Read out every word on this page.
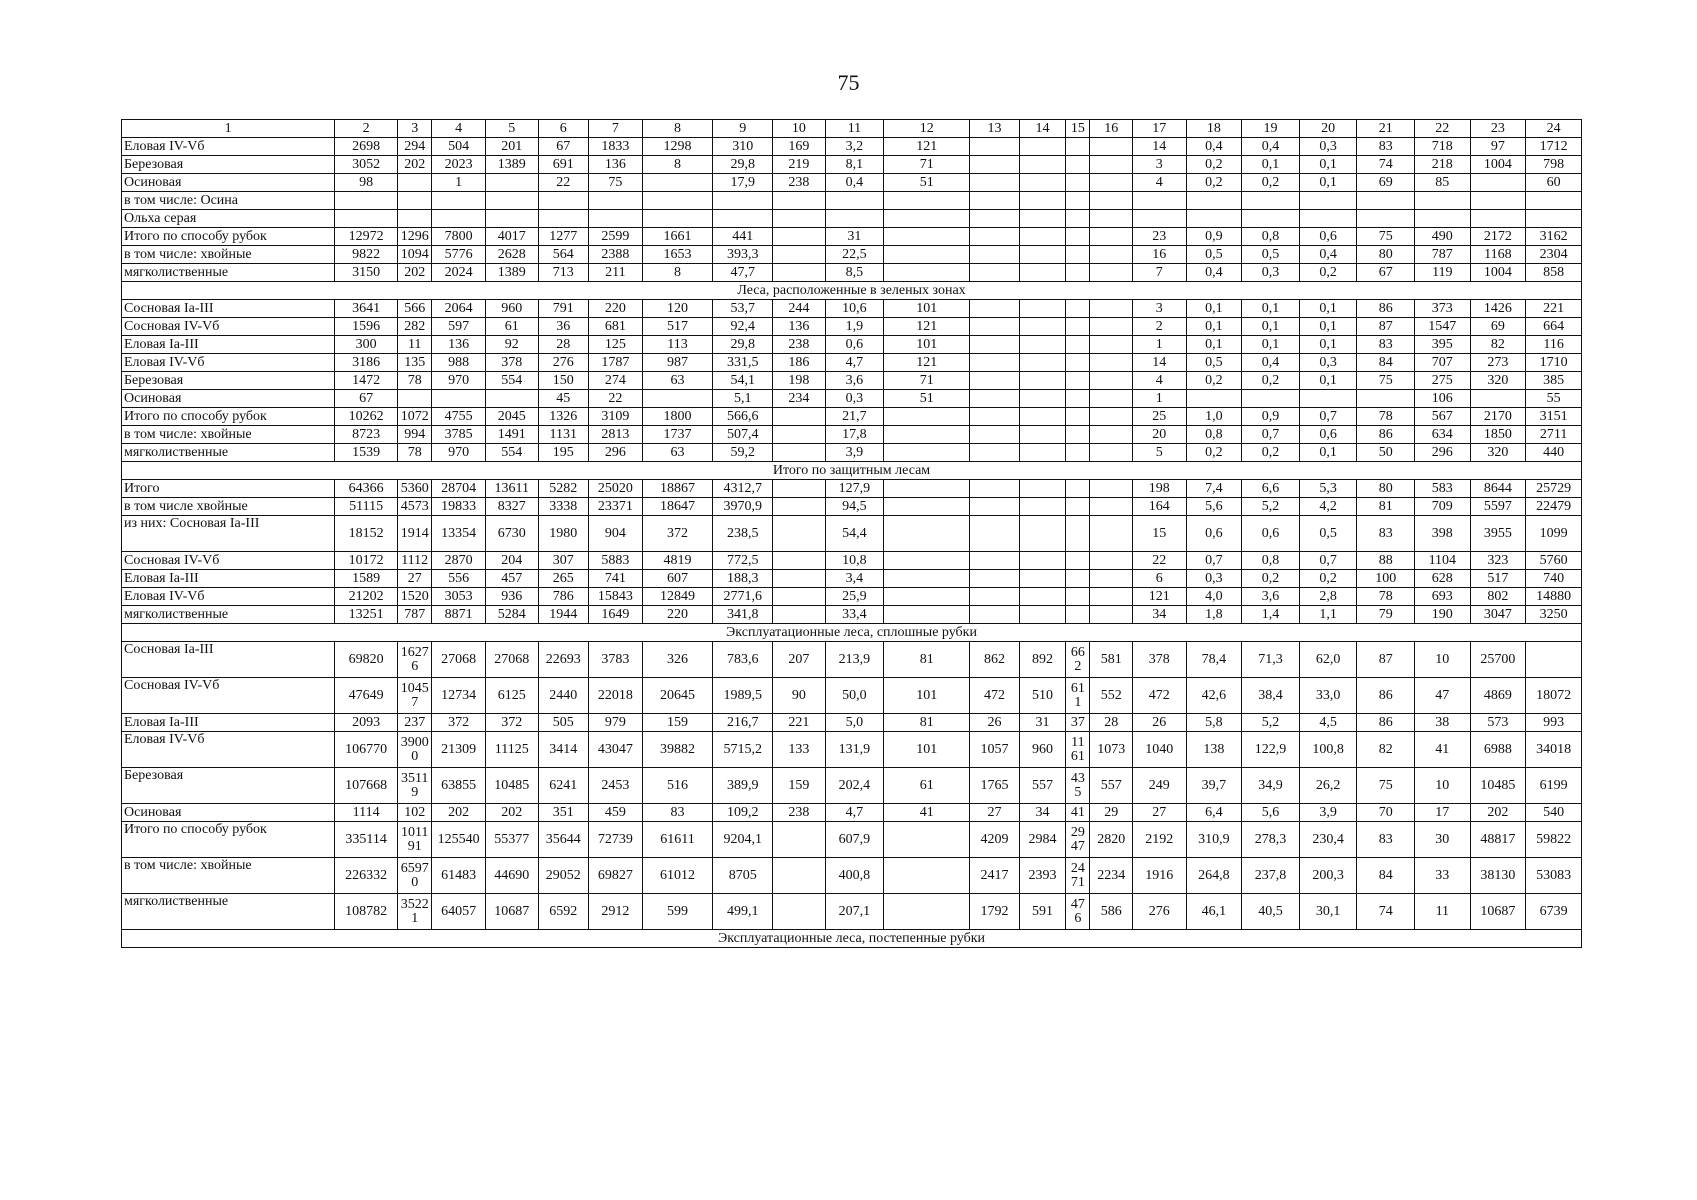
75
1	2	3	4	5	6	7	8	9	10	11	12	13	14	15	16	17	18	19	20	21	22	23	24
Еловая IV-Vб	2698	294	504	201	67	1833	1298	310	169	3,2	121					14	0,4	0,4	0,3	83	718	97	1712
Березовая	3052	202	2023	1389	691	136	8	29,8	219	8,1	71					3	0,2	0,1	0,1	74	218	1004	798
Осиновая	98		1		22	75		17,9	238	0,4	51					4	0,2	0,2	0,1	69	85		60
в том числе: Осина																							
Ольха серая																							
Итого по способу рубок	12972	1296	7800	4017	1277	2599	1661	441		31						23	0,9	0,8	0,6	75	490	2172	3162
в том числе: хвойные	9822	1094	5776	2628	564	2388	1653	393,3		22,5						16	0,5	0,5	0,4	80	787	1168	2304
мягколиственные	3150	202	2024	1389	713	211	8	47,7		8,5						7	0,4	0,3	0,2	67	119	1004	858
Леса, расположенные в зеленых зонах																							
Сосновая Ia-III	3641	566	2064	960	791	220	120	53,7	244	10,6	101					3	0,1	0,1	0,1	86	373	1426	221
Сосновая IV-Vб	1596	282	597	61	36	681	517	92,4	136	1,9	121					2	0,1	0,1	0,1	87	1547	69	664
Еловая Ia-III	300	11	136	92	28	125	113	29,8	238	0,6	101					1	0,1	0,1	0,1	83	395	82	116
Еловая IV-Vб	3186	135	988	378	276	1787	987	331,5	186	4,7	121					14	0,5	0,4	0,3	84	707	273	1710
Березовая	1472	78	970	554	150	274	63	54,1	198	3,6	71					4	0,2	0,2	0,1	75	275	320	385
Осиновая	67				45	22		5,1	234	0,3	51					1					106		55
Итого по способу рубок	10262	1072	4755	2045	1326	3109	1800	566,6		21,7						25	1,0	0,9	0,7	78	567	2170	3151
в том числе: хвойные	8723	994	3785	1491	1131	2813	1737	507,4		17,8						20	0,8	0,7	0,6	86	634	1850	2711
мягколиственные	1539	78	970	554	195	296	63	59,2		3,9						5	0,2	0,2	0,1	50	296	320	440
Итого по защитным лесам																							
Итого	64366	5360	28704	13611	5282	25020	18867	4312,7		127,9						198	7,4	6,6	5,3	80	583	8644	25729
в том числе хвойные	51115	4573	19833	8327	3338	23371	18647	3970,9		94,5						164	5,6	5,2	4,2	81	709	5597	22479
из них: Сосновая Ia-III	18152	1914	13354	6730	1980	904	372	238,5		54,4						15	0,6	0,6	0,5	83	398	3955	1099
Сосновая IV-Vб	10172	1112	2870	204	307	5883	4819	772,5		10,8						22	0,7	0,8	0,7	88	1104	323	5760
Еловая Ia-III	1589	27	556	457	265	741	607	188,3		3,4						6	0,3	0,2	0,2	100	628	517	740
Еловая IV-Vб	21202	1520	3053	936	786	15843	12849	2771,6		25,9						121	4,0	3,6	2,8	78	693	802	14880
мягколиственные	13251	787	8871	5284	1944	1649	220	341,8		33,4						34	1,8	1,4	1,1	79	190	3047	3250
Эксплуатационные леса, сплошные рубки																							
Сосновая Ia-III	69820	16276	27068	27068	22693	3783	326	783,6	207	213,9	81	862	892	662	581	378	78,4	71,3	62,0	87	10	25700	
Сосновая IV-Vб	47649	10457	12734	6125	2440	22018	20645	1989,5	90	50,0	101	472	510	611	552	472	42,6	38,4	33,0	86	47	4869	18072
Еловая Ia-III	2093	237	372	372	505	979	159	216,7	221	5,0	81	26	31	37	28	26	5,8	5,2	4,5	86	38	573	993
Еловая IV-Vб	106770	39000	21309	11125	3414	43047	39882	5715,2	133	131,9	101	1057	960	1161	1073	1040	138	122,9	100,8	82	41	6988	34018
Березовая	107668	35119	63855	10485	6241	2453	516	389,9	159	202,4	61	1765	557	435	557	249	39,7	34,9	26,2	75	10	10485	6199
Осиновая	1114	102	202	202	351	459	83	109,2	238	4,7	41	27	34	41	29	27	6,4	5,6	3,9	70	17	202	540
Итого по способу рубок	335114	101191	125540	55377	35644	72739	61611	9204,1		607,9		4209	2984	2947	2820	2192	310,9	278,3	230,4	83	30	48817	59822
в том числе: хвойные	226332	65970	61483	44690	29052	69827	61012	8705		400,8		2417	2393	2471	2234	1916	264,8	237,8	200,3	84	33	38130	53083
мягколиственные	108782	35221	64057	10687	6592	2912	599	499,1		207,1		1792	591	476	586	276	46,1	40,5	30,1	74	11	10687	6739
Эксплуатационные леса, постепенные рубки																							
